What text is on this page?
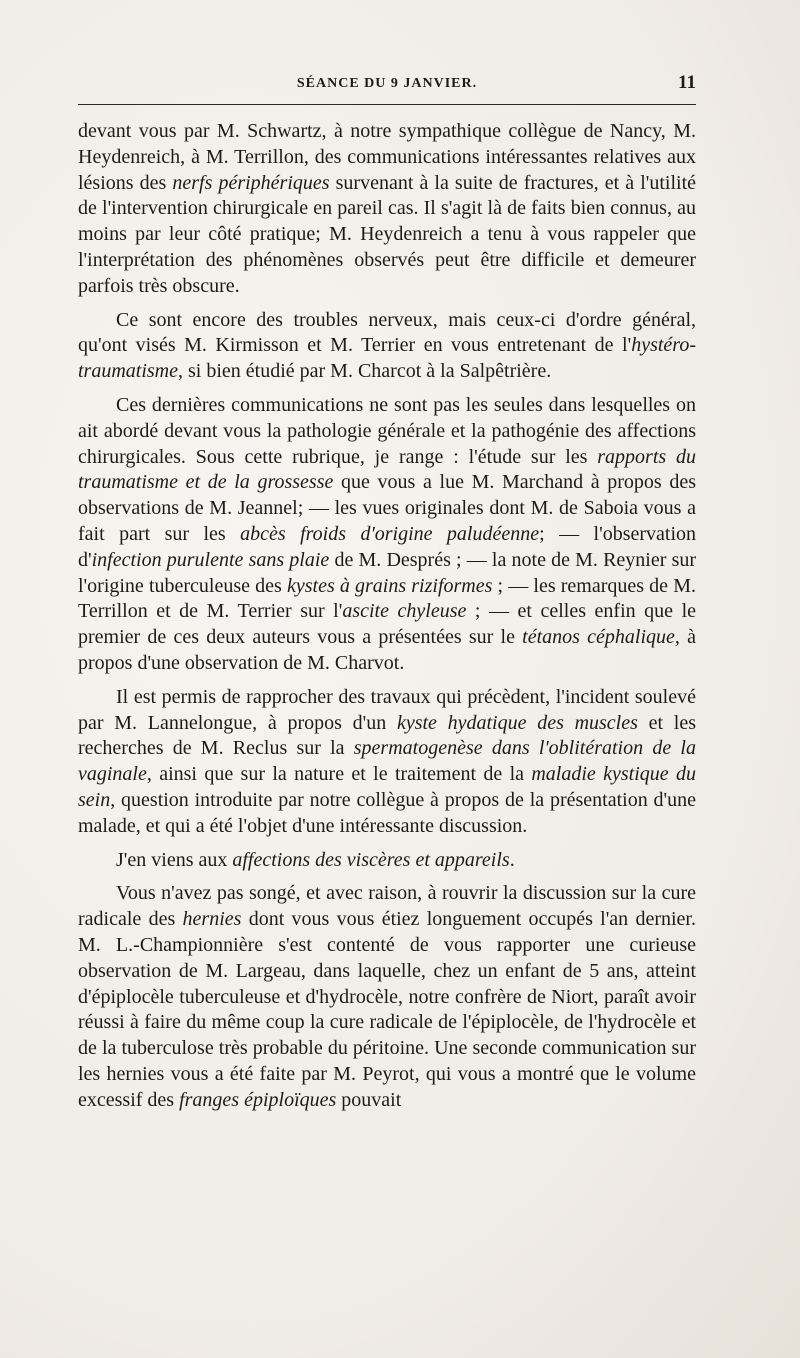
SÉANCE DU 9 JANVIER.	11

devant vous par M. Schwartz, à notre sympathique collègue de Nancy, M. Heydenreich, à M. Terrillon, des communications intéressantes relatives aux lésions des nerfs périphériques survenant à la suite de fractures, et à l'utilité de l'intervention chirurgicale en pareil cas. Il s'agit là de faits bien connus, au moins par leur côté pratique; M. Heydenreich a tenu à vous rappeler que l'interprétation des phénomènes observés peut être difficile et demeurer parfois très obscure.

Ce sont encore des troubles nerveux, mais ceux-ci d'ordre général, qu'ont visés M. Kirmisson et M. Terrier en vous entretenant de l'hystéro-traumatisme, si bien étudié par M. Charcot à la Salpêtrière.

Ces dernières communications ne sont pas les seules dans lesquelles on ait abordé devant vous la pathologie générale et la pathogénie des affections chirurgicales. Sous cette rubrique, je range : l'étude sur les rapports du traumatisme et de la grossesse que vous a lue M. Marchand à propos des observations de M. Jeannel; — les vues originales dont M. de Saboia vous a fait part sur les abcès froids d'origine paludéenne; — l'observation d'infection purulente sans plaie de M. Després ; — la note de M. Reynier sur l'origine tuberculeuse des kystes à grains riziformes ; — les remarques de M. Terrillon et de M. Terrier sur l'ascite chyleuse ; — et celles enfin que le premier de ces deux auteurs vous a présentées sur le tétanos céphalique, à propos d'une observation de M. Charvot.

Il est permis de rapprocher des travaux qui précèdent, l'incident soulevé par M. Lannelongue, à propos d'un kyste hydatique des muscles et les recherches de M. Reclus sur la spermatogenèse dans l'oblitération de la vaginale, ainsi que sur la nature et le traitement de la maladie kystique du sein, question introduite par notre collègue à propos de la présentation d'une malade, et qui a été l'objet d'une intéressante discussion.

J'en viens aux affections des viscères et appareils.

Vous n'avez pas songé, et avec raison, à rouvrir la discussion sur la cure radicale des hernies dont vous vous étiez longuement occupés l'an dernier. M. L.-Championnière s'est contenté de vous rapporter une curieuse observation de M. Largeau, dans laquelle, chez un enfant de 5 ans, atteint d'épiplocèle tuberculeuse et d'hydrocèle, notre confrère de Niort, paraît avoir réussi à faire du même coup la cure radicale de l'épiplocèle, de l'hydrocèle et de la tuberculose très probable du péritoine. Une seconde communication sur les hernies vous a été faite par M. Peyrot, qui vous a montré que le volume excessif des franges épiploïques pouvait
